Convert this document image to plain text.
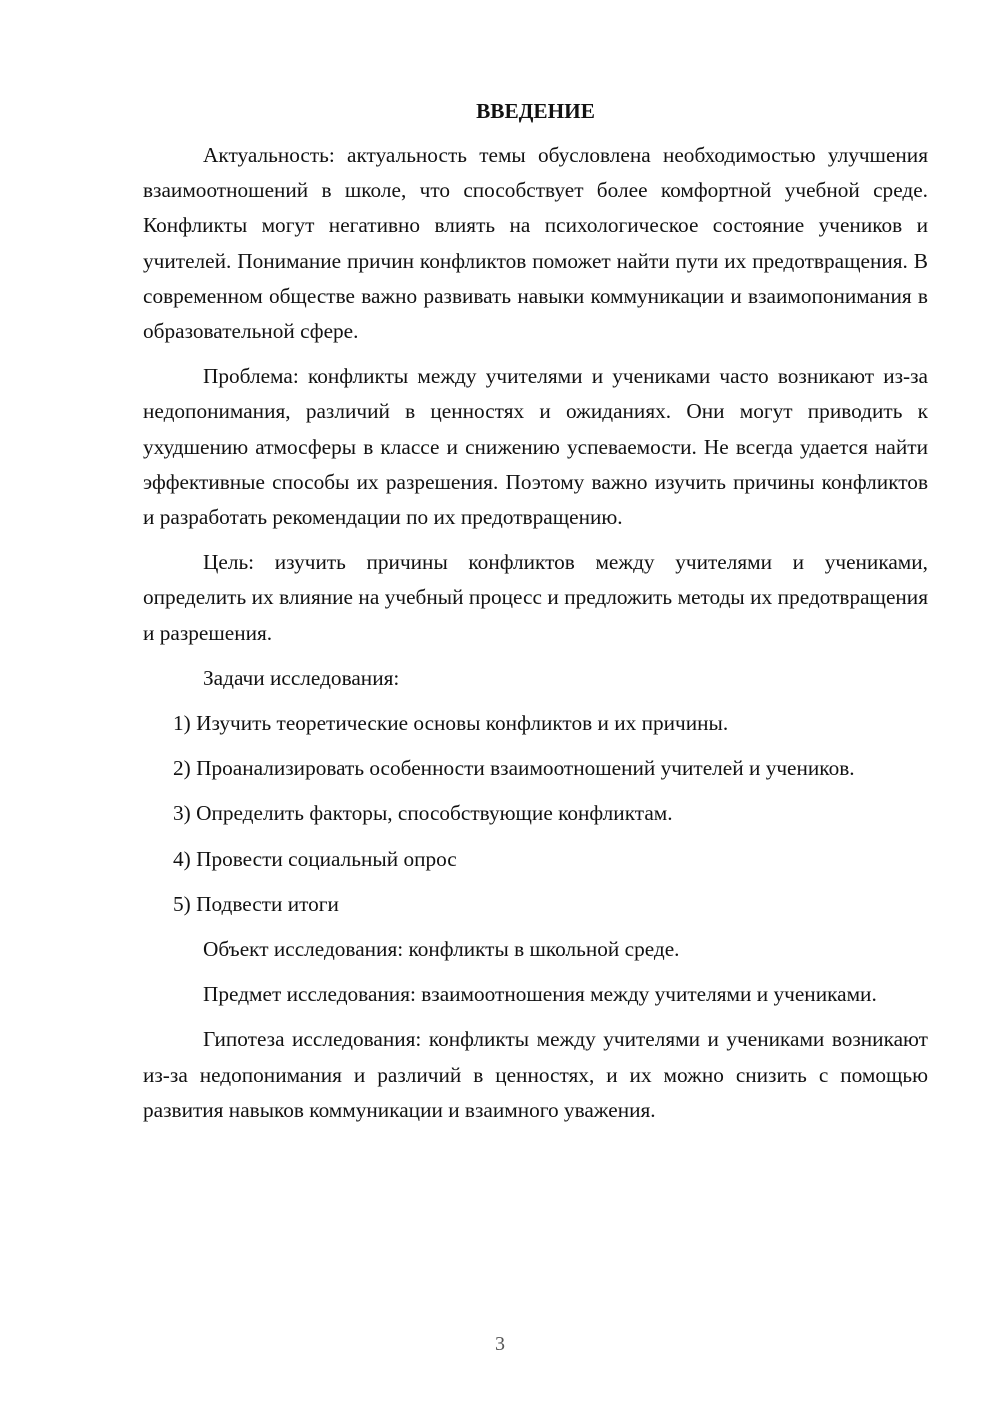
ВВЕДЕНИЕ

Актуальность: актуальность темы обусловлена необходимостью улучшения взаимоотношений в школе, что способствует более комфортной учебной среде. Конфликты могут негативно влиять на психологическое состояние учеников и учителей. Понимание причин конфликтов поможет найти пути их предотвращения. В современном обществе важно развивать навыки коммуникации и взаимопонимания в образовательной сфере.

Проблема: конфликты между учителями и учениками часто возникают из-за недопонимания, различий в ценностях и ожиданиях. Они могут приводить к ухудшению атмосферы в классе и снижению успеваемости. Не всегда удается найти эффективные способы их разрешения. Поэтому важно изучить причины конфликтов и разработать рекомендации по их предотвращению.

Цель: изучить причины конфликтов между учителями и учениками, определить их влияние на учебный процесс и предложить методы их предотвращения и разрешения.

Задачи исследования:

1) Изучить теоретические основы конфликтов и их причины.

2) Проанализировать особенности взаимоотношений учителей и учеников.

3) Определить факторы, способствующие конфликтам.

4) Провести социальный опрос

5) Подвести итоги

Объект исследования: конфликты в школьной среде.

Предмет исследования: взаимоотношения между учителями и учениками.

Гипотеза исследования: конфликты между учителями и учениками возникают из-за недопонимания и различий в ценностях, и их можно снизить с помощью развития навыков коммуникации и взаимного уважения.

3
